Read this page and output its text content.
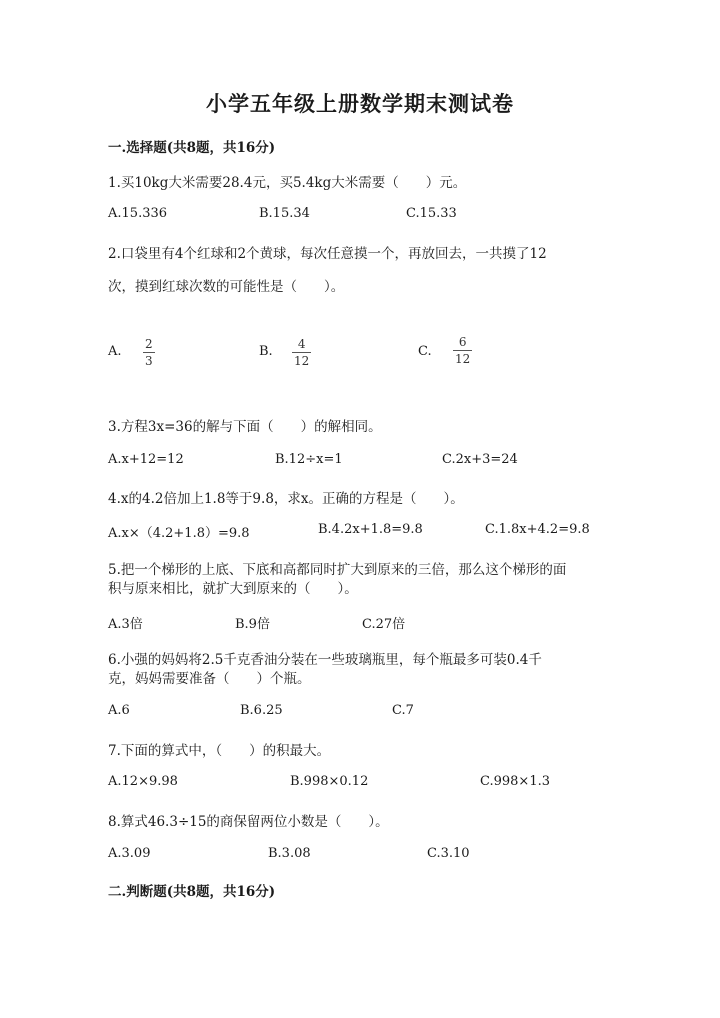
小学五年级上册数学期末测试卷
一.选择题(共8题，共16分)
1.买10kg大米需要28.4元，买5.4kg大米需要（　　）元。
A.15.336	B.15.34	C.15.33
2.口袋里有4个红球和2个黄球，每次任意摸一个，再放回去，一共摸了12
次，摸到红球次数的可能性是（　　）。
A. 2
3
B.	4
12
C.
6
12
3.方程3x=36的解与下面（　　）的解相同。
A.x+12=12	B.12÷x=1	C.2x+3=24
4.x的4.2倍加上1.8等于9.8，求x。正确的方程是（　　）。
A.x×（4.2+1.8）=9.8	B.4.2x+1.8=9.8	C.1.8x+4.2=9.8
5.把一个梯形的上底、下底和高都同时扩大到原来的三倍，那么这个梯形的面
积与原来相比，就扩大到原来的（　　）。
A.3倍	B.9倍	C.27倍
6.小强的妈妈将2.5千克香油分装在一些玻璃瓶里，每个瓶最多可装0.4千
克，妈妈需要准备（　　）个瓶。
A.6	B.6.25	C.7
7.下面的算式中，（　　）的积最大。
A.12×9.98	B.998×0.12	C.998×1.3
8.算式46.3÷15的商保留两位小数是（　　）。
A.3.09	B.3.08	C.3.10
二.判断题(共8题，共16分)
